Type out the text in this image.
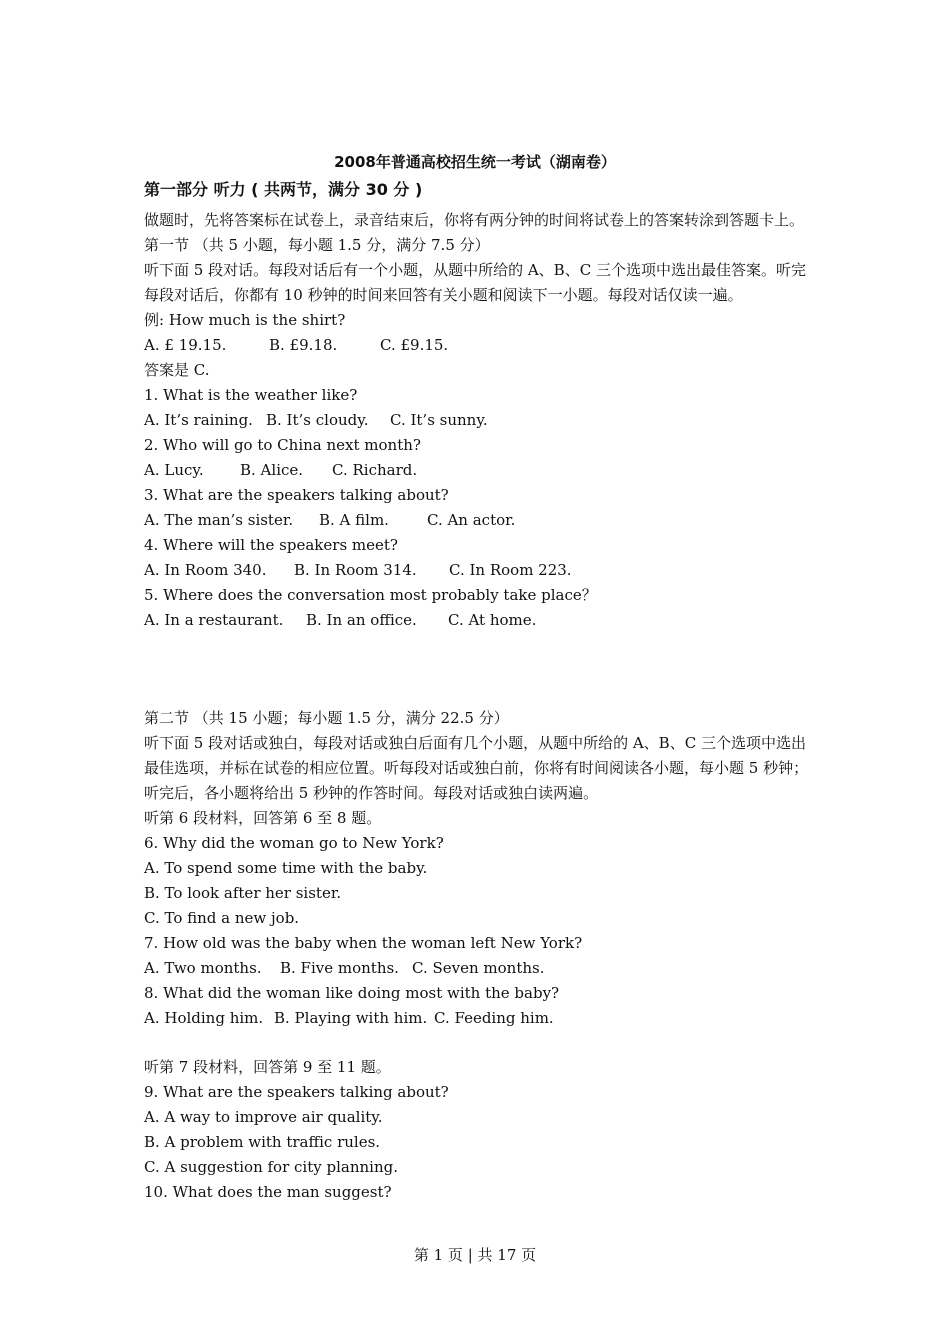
2008年普通高校招生统一考试（湖南卷）
第一部分 听力 ( 共两节，满分 30 分 )
做题时，先将答案标在试卷上，录音结束后，你将有两分钟的时间将试卷上的答案转涂到答题卡上。
第一节 （共 5 小题，每小题 1.5 分，满分 7.5 分）
听下面 5 段对话。每段对话后有一个小题，从题中所给的 A、B、C 三个选项中选出最佳答案。听完每段对话后，你都有 10 秒钟的时间来回答有关小题和阅读下一小题。每段对话仅读一遍。
例: How much is the shirt?
A. £ 19.15.	B. £9.18.	C. £9.15.
答案是 C.
1. What is the weather like?
A. It’s raining. B. It’s cloudy. C. It’s sunny.
2. Who will go to China next month?
A. Lucy. B. Alice. C. Richard.
3. What are the speakers talking about?
A. The man’s sister. B. A film.	C. An actor.
4. Where will the speakers meet?
A. In Room 340. B. In Room 314. C. In Room 223.
5. Where does the conversation most probably take place？
A. In a restaurant. B. In an office. C. At home.
第二节 （共 15 小题；每小题 1.5 分，满分 22.5 分）
听下面 5 段对话或独白，每段对话或独白后面有几个小题，从题中所给的 A、B、C 三个选项中选出最佳选项，并标在试卷的相应位置。听每段对话或独白前，你将有时间阅读各小题，每小题 5 秒钟；听完后，各小题将给出 5 秒钟的作答时间。每段对话或独白读两遍。
听第 6 段材料，回答第 6 至 8 题。
6. Why did the woman go to New York?
A. To spend some time with the baby.
B. To look after her sister.
C. To find a new job.
7. How old was the baby when the woman left New York?
A. Two months. B. Five months. C. Seven months.
8. What did the woman like doing most with the baby?
A. Holding him. B. Playing with him. C. Feeding him.
听第 7 段材料，回答第 9 至 11 题。
9. What are the speakers talking about?
A. A way to improve air quality.
B. A problem with traffic rules.
C. A suggestion for city planning.
10. What does the man suggest?
第 1 页 | 共 17 页
